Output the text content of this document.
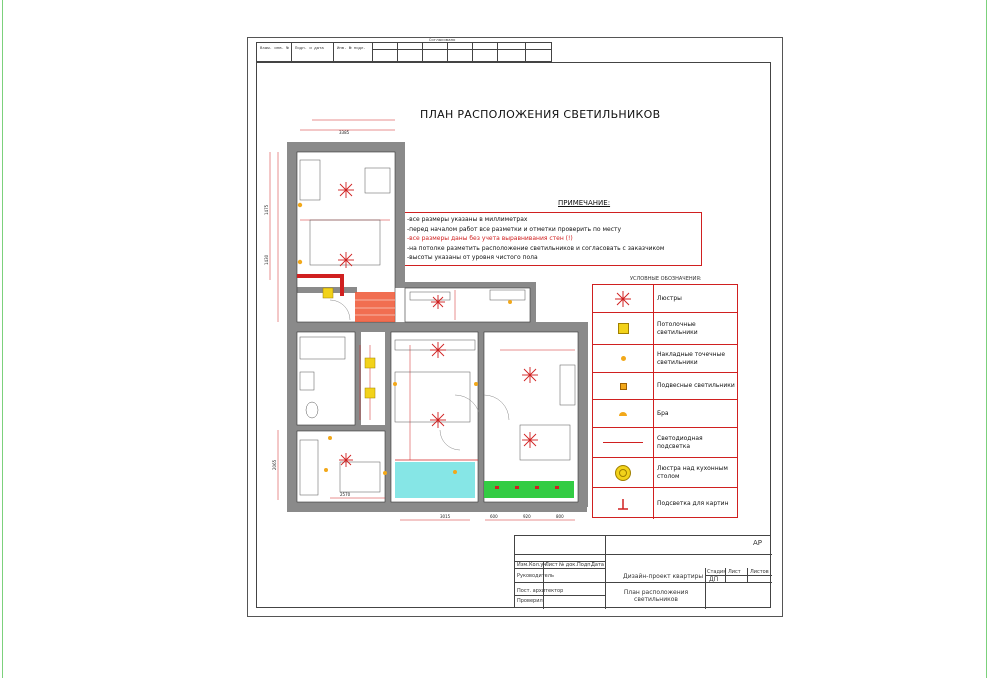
Взам. инв. № Подп. и дата	Инв. № подл.
Согласовано
ПЛАН РАСПОЛОЖЕНИЯ СВЕТИЛЬНИКОВ
ПРИМЕЧАНИЕ:
-все размеры указаны в миллиметрах
-перед началом работ все разметки и отметки проверить по месту
-все размеры даны без учета выравнивания стен (!)
-на потолке разметить расположение светильников и согласовать с заказчиком
-высоты указаны от уровня чистого пола
3385
1475
1430
2065
600	920	800
3015
2570
УСЛОВНЫЕ ОБОЗНАЧЕНИЯ:
Люстры
Потолочные светильники
Накладные точечные светильники
Подвесные светильники
Бра
Светодиодная подсветка
Люстра над кухонным столом
Подсветка для картин
АР
Изм. Кол.уч.
Лист № док. Подп.
Дата
Руководитель
Пост. архитектор
Проверил
Дизайн-проект квартиры
План расположения светильников
Стадия Лист Листов
ДП
